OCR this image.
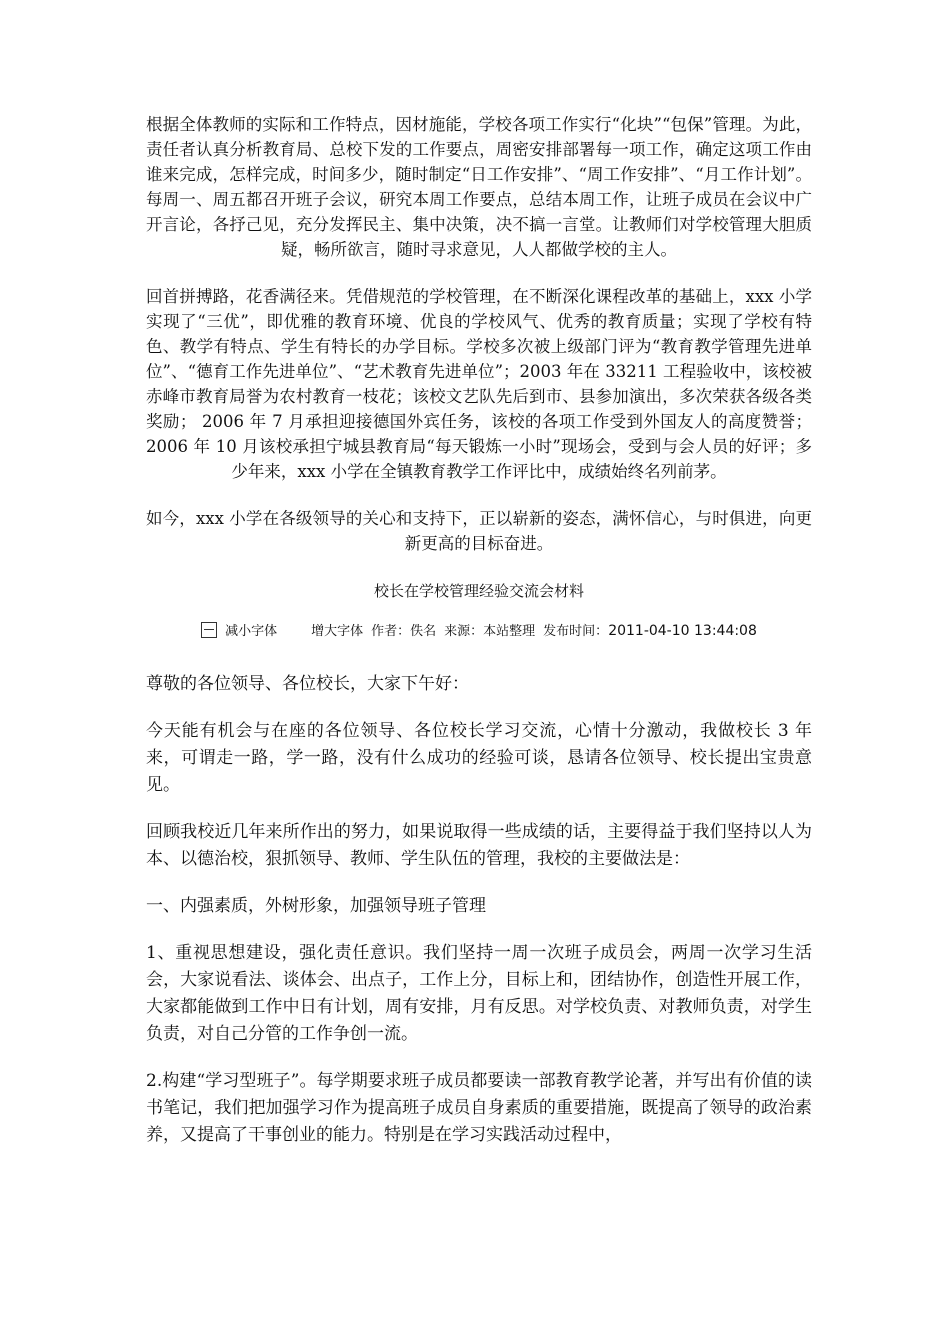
根据全体教师的实际和工作特点，因材施能，学校各项工作实行“化块”“包保”管理。为此，责任者认真分析教育局、总校下发的工作要点，周密安排部署每一项工作，确定这项工作由谁来完成，怎样完成，时间多少，随时制定“日工作安排”、“周工作安排”、“月工作计划”。每周一、周五都召开班子会议，研究本周工作要点，总结本周工作，让班子成员在会议中广开言论，各抒己见，充分发挥民主、集中决策，决不搞一言堂。让教师们对学校管理大胆质疑，畅所欲言，随时寻求意见，人人都做学校的主人。

回首拼搏路，花香满径来。凭借规范的学校管理，在不断深化课程改革的基础上，xxx 小学实现了“三优”，即优雅的教育环境、优良的学校风气、优秀的教育质量；实现了学校有特色、教学有特点、学生有特长的办学目标。学校多次被上级部门评为“教育教学管理先进单位”、“德育工作先进单位”、“艺术教育先进单位”；2003 年在 33211 工程验收中，该校被赤峰市教育局誉为农村教育一枝花；该校文艺队先后到市、县参加演出，多次荣获各级各类奖励； 2006 年 7 月承担迎接德国外宾任务，该校的各项工作受到外国友人的高度赞誉； 2006 年 10 月该校承担宁城县教育局“每天锻炼一小时”现场会，受到与会人员的好评；多少年来，xxx 小学在全镇教育教学工作评比中，成绩始终名列前茅。

如今，xxx 小学在各级领导的关心和支持下，正以崭新的姿态，满怀信心，与时俱进，向更新更高的目标奋进。

校长在学校管理经验交流会材料
减小字体	增大字体 作者：佚名 来源：本站整理 发布时间：2011-04-10 13:44:08

尊敬的各位领导、各位校长，大家下午好：

今天能有机会与在座的各位领导、各位校长学习交流，心情十分激动，我做校长 3 年来，可谓走一路，学一路，没有什么成功的经验可谈，恳请各位领导、校长提出宝贵意见。

回顾我校近几年来所作出的努力，如果说取得一些成绩的话，主要得益于我们坚持以人为本、以德治校，狠抓领导、教师、学生队伍的管理，我校的主要做法是：

一、内强素质，外树形象，加强领导班子管理

1、重视思想建设，强化责任意识。我们坚持一周一次班子成员会，两周一次学习生活会，大家说看法、谈体会、出点子，工作上分，目标上和，团结协作，创造性开展工作，大家都能做到工作中日有计划，周有安排，月有反思。对学校负责、对教师负责，对学生负责，对自己分管的工作争创一流。

2.构建“学习型班子”。每学期要求班子成员都要读一部教育教学论著，并写出有价值的读书笔记，我们把加强学习作为提高班子成员自身素质的重要措施，既提高了领导的政治素养，又提高了干事创业的能力。特别是在学习实践活动过程中，
